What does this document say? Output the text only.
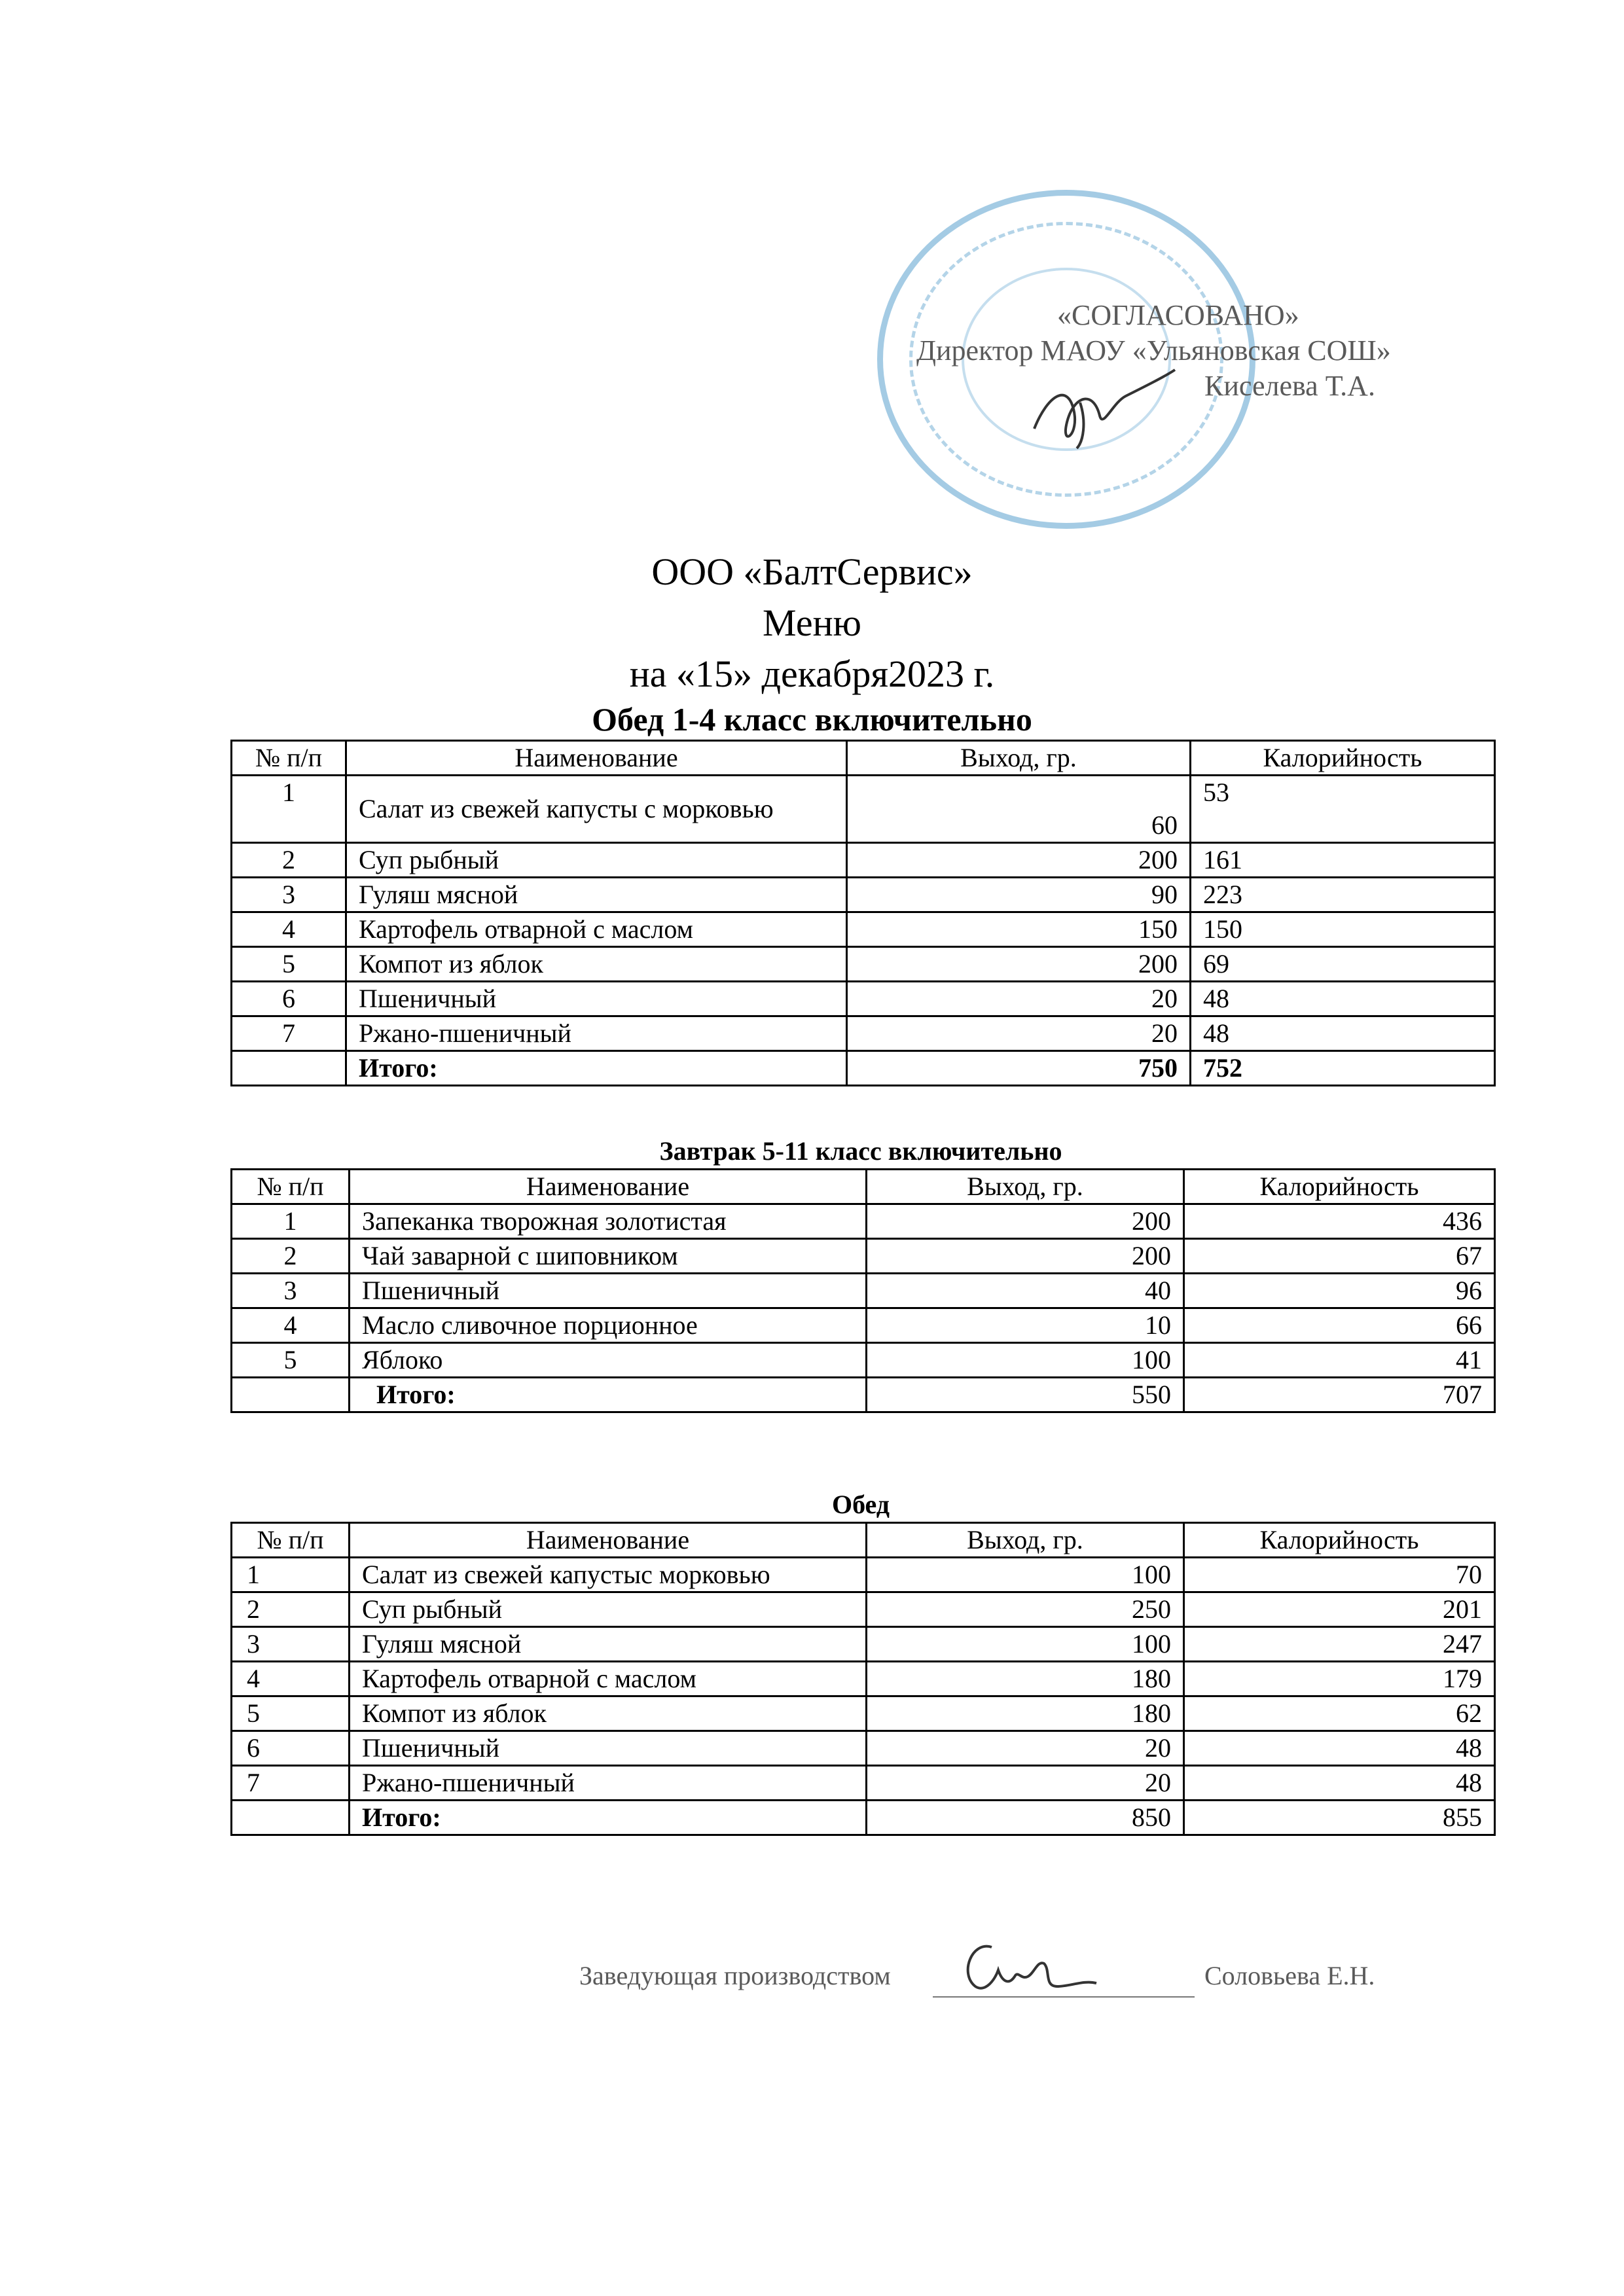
«СОГЛАСОВАНО»
Директор МАОУ «Ульяновская СОШ»
Киселева Т.А.
ООО «БалтСервис»
Меню
на «15» декабря2023 г.
Обед 1-4 класс включительно
№ п/п	Наименование	Выход, гр.	Калорийность
1	Салат из свежей капусты с морковью	60	53
2	Суп рыбный	200	161
3	Гуляш мясной	90	223
4	Картофель отварной с маслом	150	150
5	Компот из яблок	200	69
6	Пшеничный	20	48
7	Ржано-пшеничный	20	48
	Итого:	750	752
Завтрак 5-11 класс включительно
№ п/п	Наименование	Выход, гр.	Калорийность
1	Запеканка творожная золотистая	200	436
2	Чай заварной с шиповником	200	67
3	Пшеничный	40	96
4	Масло сливочное порционное	10	66
5	Яблоко	100	41
	Итого:	550	707
Обед
№ п/п	Наименование	Выход, гр.	Калорийность
1	Салат из свежей капустыс морковью	100	70
2	Суп рыбный	250	201
3	Гуляш мясной	100	247
4	Картофель отварной с маслом	180	179
5	Компот из яблок	180	62
6	Пшеничный	20	48
7	Ржано-пшеничный	20	48
	Итого:	850	855
Заведующая производством	Соловьева Е.Н.
